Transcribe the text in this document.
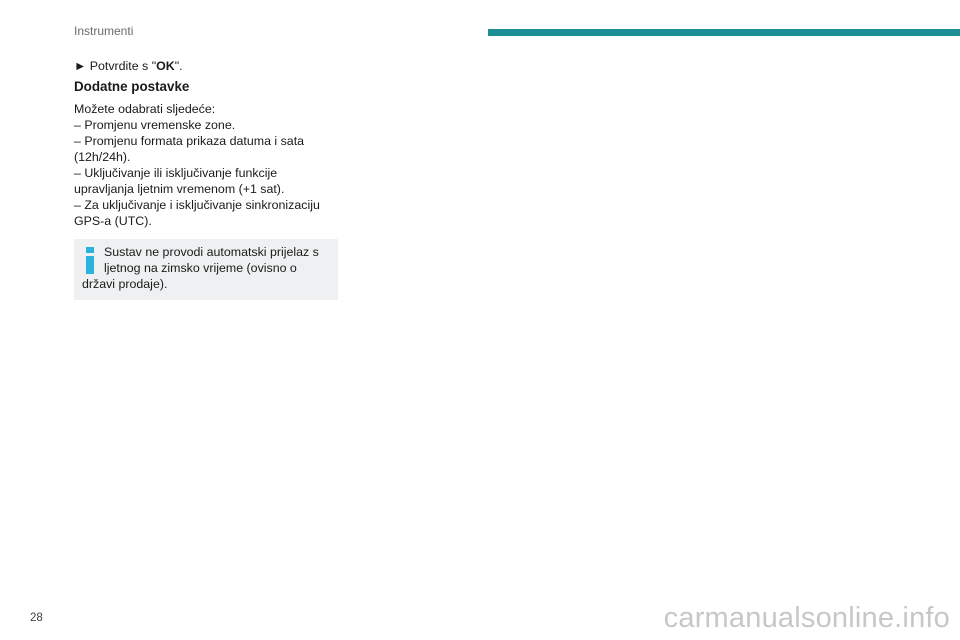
Instrumenti

► Potvrdite s "OK".

Dodatne postavke

Možete odabrati sljedeće:

– Promjenu vremenske zone.
– Promjenu formata prikaza datuma i sata (12h/24h).
– Uključivanje ili isključivanje funkcije upravljanja ljetnim vremenom (+1 sat).
– Za uključivanje i isključivanje sinkronizaciju GPS-a (UTC).
Sustav ne provodi automatski prijelaz s ljetnog na zimsko vrijeme (ovisno o državi prodaje).
28	carmanualsonline.info
